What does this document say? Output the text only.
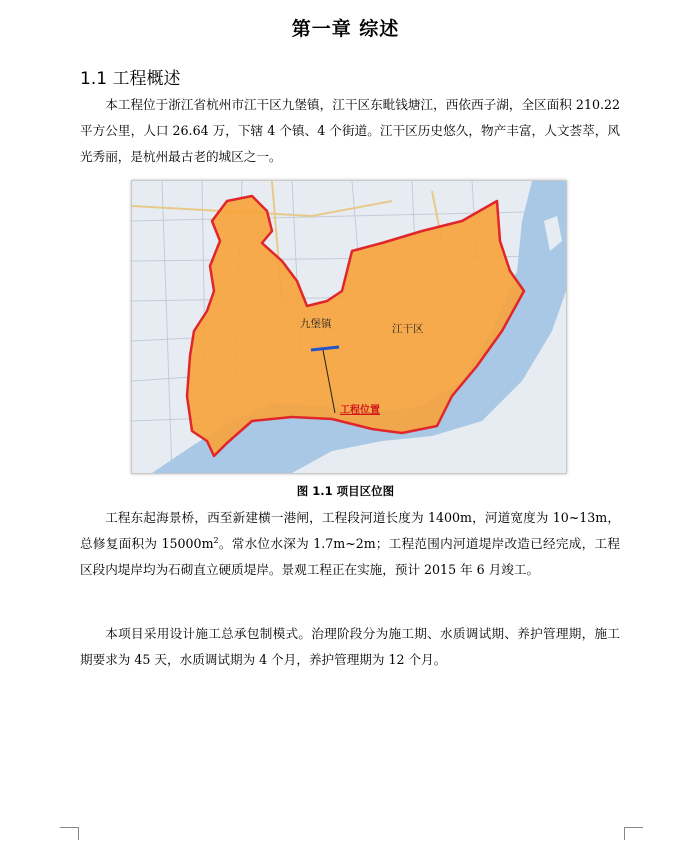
第一章 综述
1.1 工程概述

本工程位于浙江省杭州市江干区九堡镇，江干区东毗钱塘江，西依西子湖，全区面积 210.22 平方公里，人口 26.64 万，下辖 4 个镇、4 个街道。江干区历史悠久，物产丰富，人文荟萃，风光秀丽，是杭州最古老的城区之一。

九堡镇	江干区
工程位置
图 1.1 项目区位图

工程东起海景桥，西至新建横一港闸，工程段河道长度为 1400m，河道宽度为 10~13m，总修复面积为 $15000m^2$。常水位水深为 1.7m~2m；工程范围内河道堤岸改造已经完成，工程区段内堤岸均为石砌直立硬质堤岸。景观工程正在实施，预计 2015 年 6 月竣工。

本项目采用设计施工总承包制模式。治理阶段分为施工期、水质调试期、养护管理期，施工期要求为 45 天，水质调试期为 4 个月，养护管理期为 12 个月。
